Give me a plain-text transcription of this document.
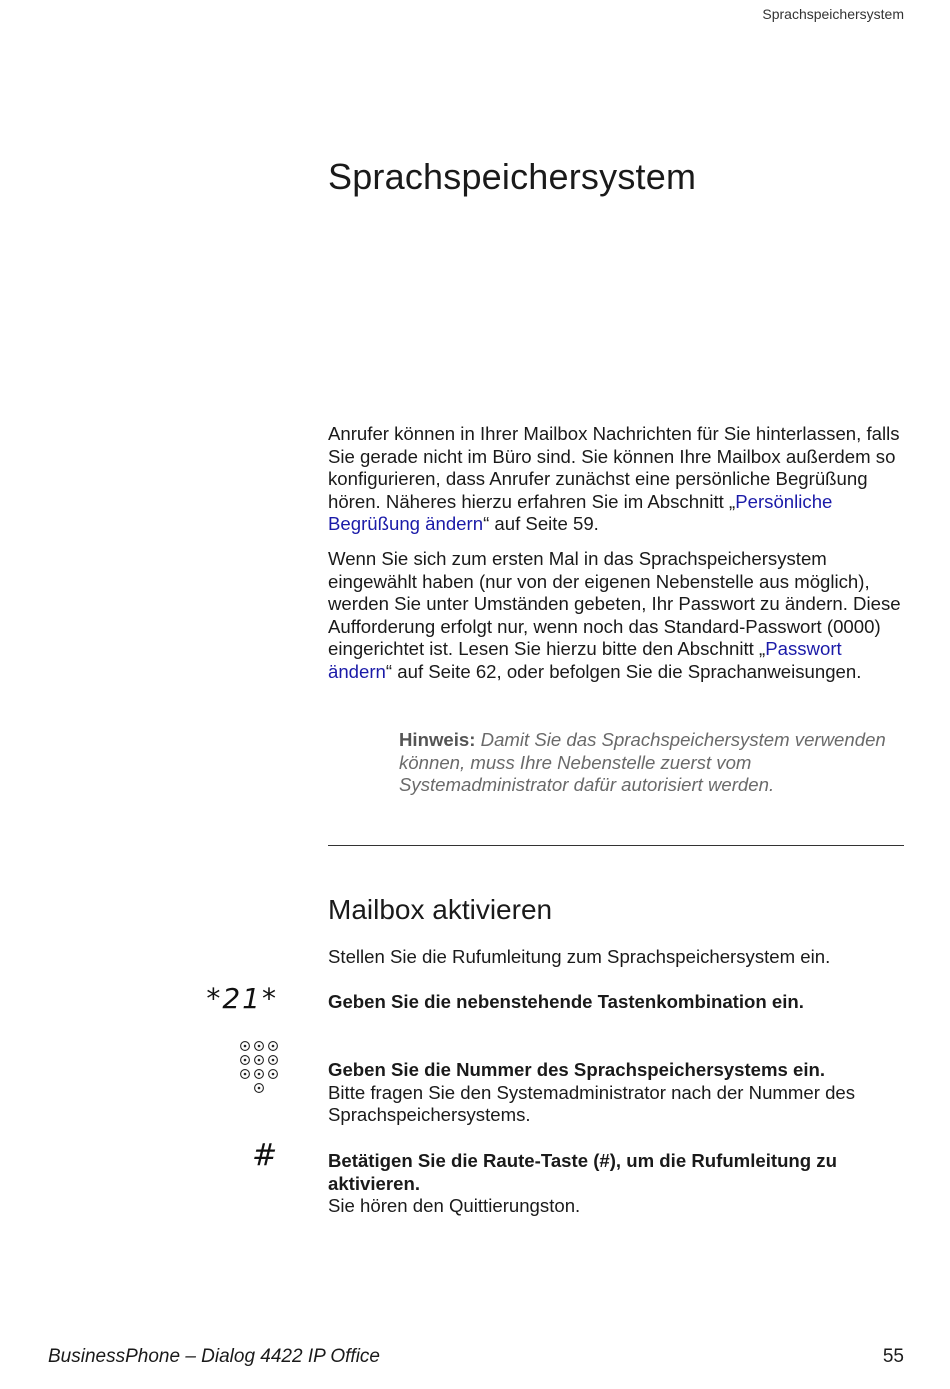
Sprachspeichersystem
Sprachspeichersystem

Anrufer können in Ihrer Mailbox Nachrichten für Sie hinterlassen, falls Sie gerade nicht im Büro sind. Sie können Ihre Mailbox außerdem so konfigurieren, dass Anrufer zunächst eine persönliche Begrüßung hören. Näheres hierzu erfahren Sie im Abschnitt „Persönliche Begrüßung ändern“ auf Seite 59.

Wenn Sie sich zum ersten Mal in das Sprachspeichersystem eingewählt haben (nur von der eigenen Nebenstelle aus möglich), werden Sie unter Umständen gebeten, Ihr Passwort zu ändern. Diese Aufforderung erfolgt nur, wenn noch das Standard-Passwort (0000) eingerichtet ist. Lesen Sie hierzu bitte den Abschnitt „Passwort ändern“ auf Seite 62, oder befolgen Sie die Sprachanweisungen.

Hinweis: Damit Sie das Sprachspeichersystem verwenden können, muss Ihre Nebenstelle zuerst vom Systemadministrator dafür autorisiert werden.

Mailbox aktivieren

Stellen Sie die Rufumleitung zum Sprachspeichersystem ein.

*21*	Geben Sie die nebenstehende Tastenkombination ein.

Geben Sie die Nummer des Sprachspeichersystems ein.
Bitte fragen Sie den Systemadministrator nach der Nummer des Sprachspeichersystems.

#	Betätigen Sie die Raute-Taste (#), um die Rufumleitung zu aktivieren.
Sie hören den Quittierungston.

BusinessPhone – Dialog 4422 IP Office	55
